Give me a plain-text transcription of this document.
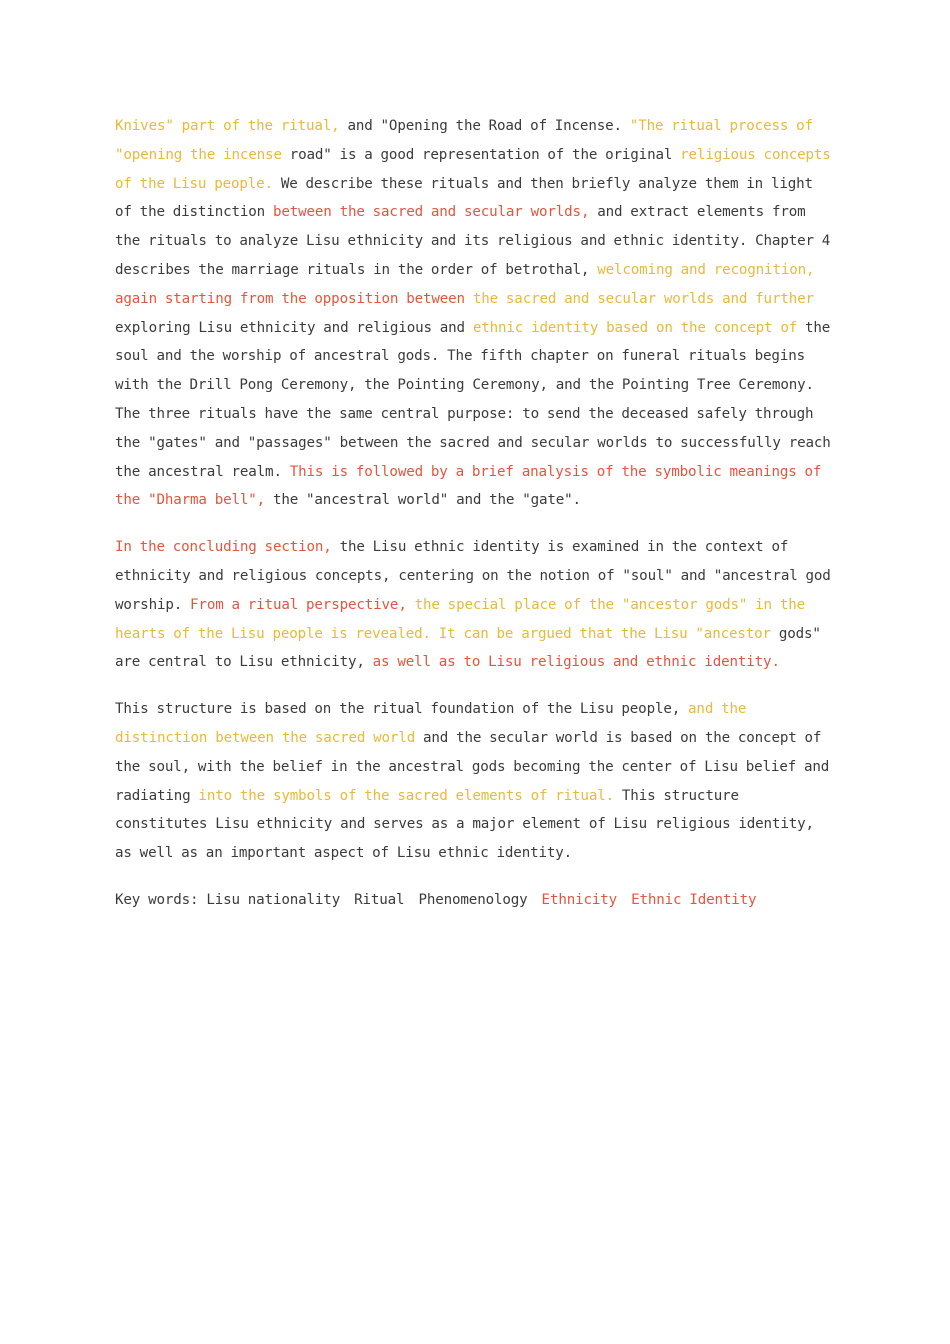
Knives" part of the ritual, and "Opening the Road of Incense. "The ritual process of "opening the incense road" is a good representation of the original religious concepts of the Lisu people. We describe these rituals and then briefly analyze them in light of the distinction between the sacred and secular worlds, and extract elements from the rituals to analyze Lisu ethnicity and its religious and ethnic identity. Chapter 4 describes the marriage rituals in the order of betrothal, welcoming and recognition, again starting from the opposition between the sacred and secular worlds and further exploring Lisu ethnicity and religious and ethnic identity based on the concept of the soul and the worship of ancestral gods. The fifth chapter on funeral rituals begins with the Drill Pong Ceremony, the Pointing Ceremony, and the Pointing Tree Ceremony. The three rituals have the same central purpose: to send the deceased safely through the "gates" and "passages" between the sacred and secular worlds to successfully reach the ancestral realm. This is followed by a brief analysis of the symbolic meanings of the "Dharma bell", the "ancestral world" and the "gate".

In the concluding section, the Lisu ethnic identity is examined in the context of ethnicity and religious concepts, centering on the notion of "soul" and "ancestral god worship. From a ritual perspective, the special place of the "ancestor gods" in the hearts of the Lisu people is revealed. It can be argued that the Lisu "ancestor gods" are central to Lisu ethnicity, as well as to Lisu religious and ethnic identity.

This structure is based on the ritual foundation of the Lisu people, and the distinction between the sacred world and the secular world is based on the concept of the soul, with the belief in the ancestral gods becoming the center of Lisu belief and radiating into the symbols of the sacred elements of ritual. This structure constitutes Lisu ethnicity and serves as a major element of Lisu religious identity, as well as an important aspect of Lisu ethnic identity.

Key words: Lisu nationality Ritual Phenomenology Ethnicity Ethnic Identity
